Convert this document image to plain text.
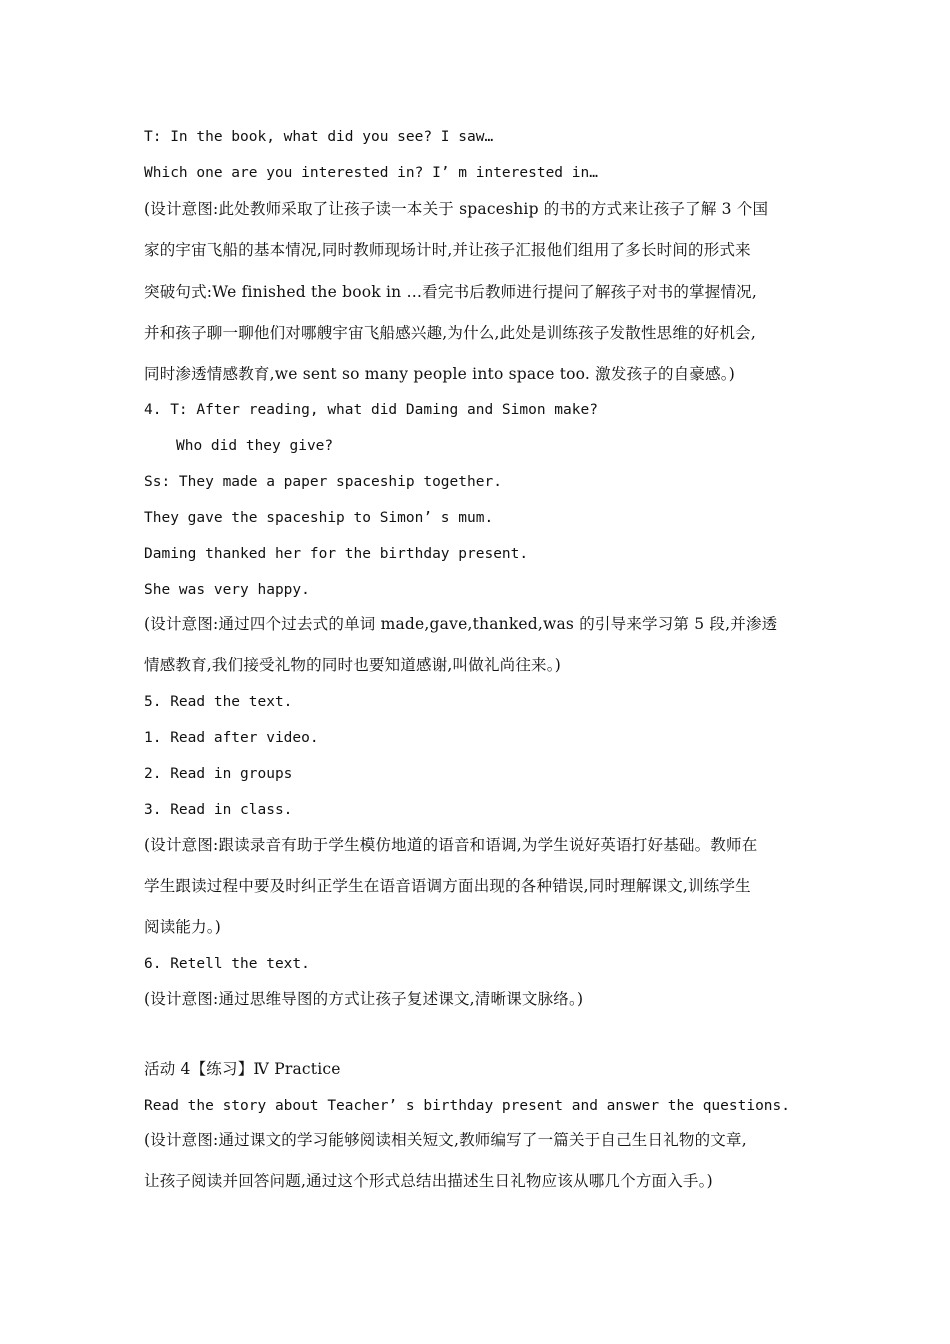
T: In the book, what did you see? I saw…
Which one are you interested in? I’ m interested in…
(设计意图:此处教师采取了让孩子读一本关于 spaceship 的书的方式来让孩子了解 3 个国
家的宇宙飞船的基本情况,同时教师现场计时,并让孩子汇报他们组用了多长时间的形式来
突破句式:We finished the book in …看完书后教师进行提问了解孩子对书的掌握情况,
并和孩子聊一聊他们对哪艘宇宙飞船感兴趣,为什么,此处是训练孩子发散性思维的好机会,
同时渗透情感教育,we sent so many people into space too. 激发孩子的自豪感。)
4. T: After reading, what did Daming and Simon make?
Who did they give?
Ss: They made a paper spaceship together.
They gave the spaceship to Simon’ s mum.
Daming thanked her for the birthday present.
She was very happy.
(设计意图:通过四个过去式的单词 made,gave,thanked,was 的引导来学习第 5 段,并渗透
情感教育,我们接受礼物的同时也要知道感谢,叫做礼尚往来。)
5. Read the text.
1. Read after video.
2. Read in groups
3. Read in class.
(设计意图:跟读录音有助于学生模仿地道的语音和语调,为学生说好英语打好基础。教师在
学生跟读过程中要及时纠正学生在语音语调方面出现的各种错误,同时理解课文,训练学生
阅读能力。)
6. Retell the text.
(设计意图:通过思维导图的方式让孩子复述课文,清晰课文脉络。)
活动 4【练习】Ⅳ Practice
Read the story about Teacher’ s birthday present and answer the questions.
(设计意图:通过课文的学习能够阅读相关短文,教师编写了一篇关于自己生日礼物的文章,
让孩子阅读并回答问题,通过这个形式总结出描述生日礼物应该从哪几个方面入手。)
